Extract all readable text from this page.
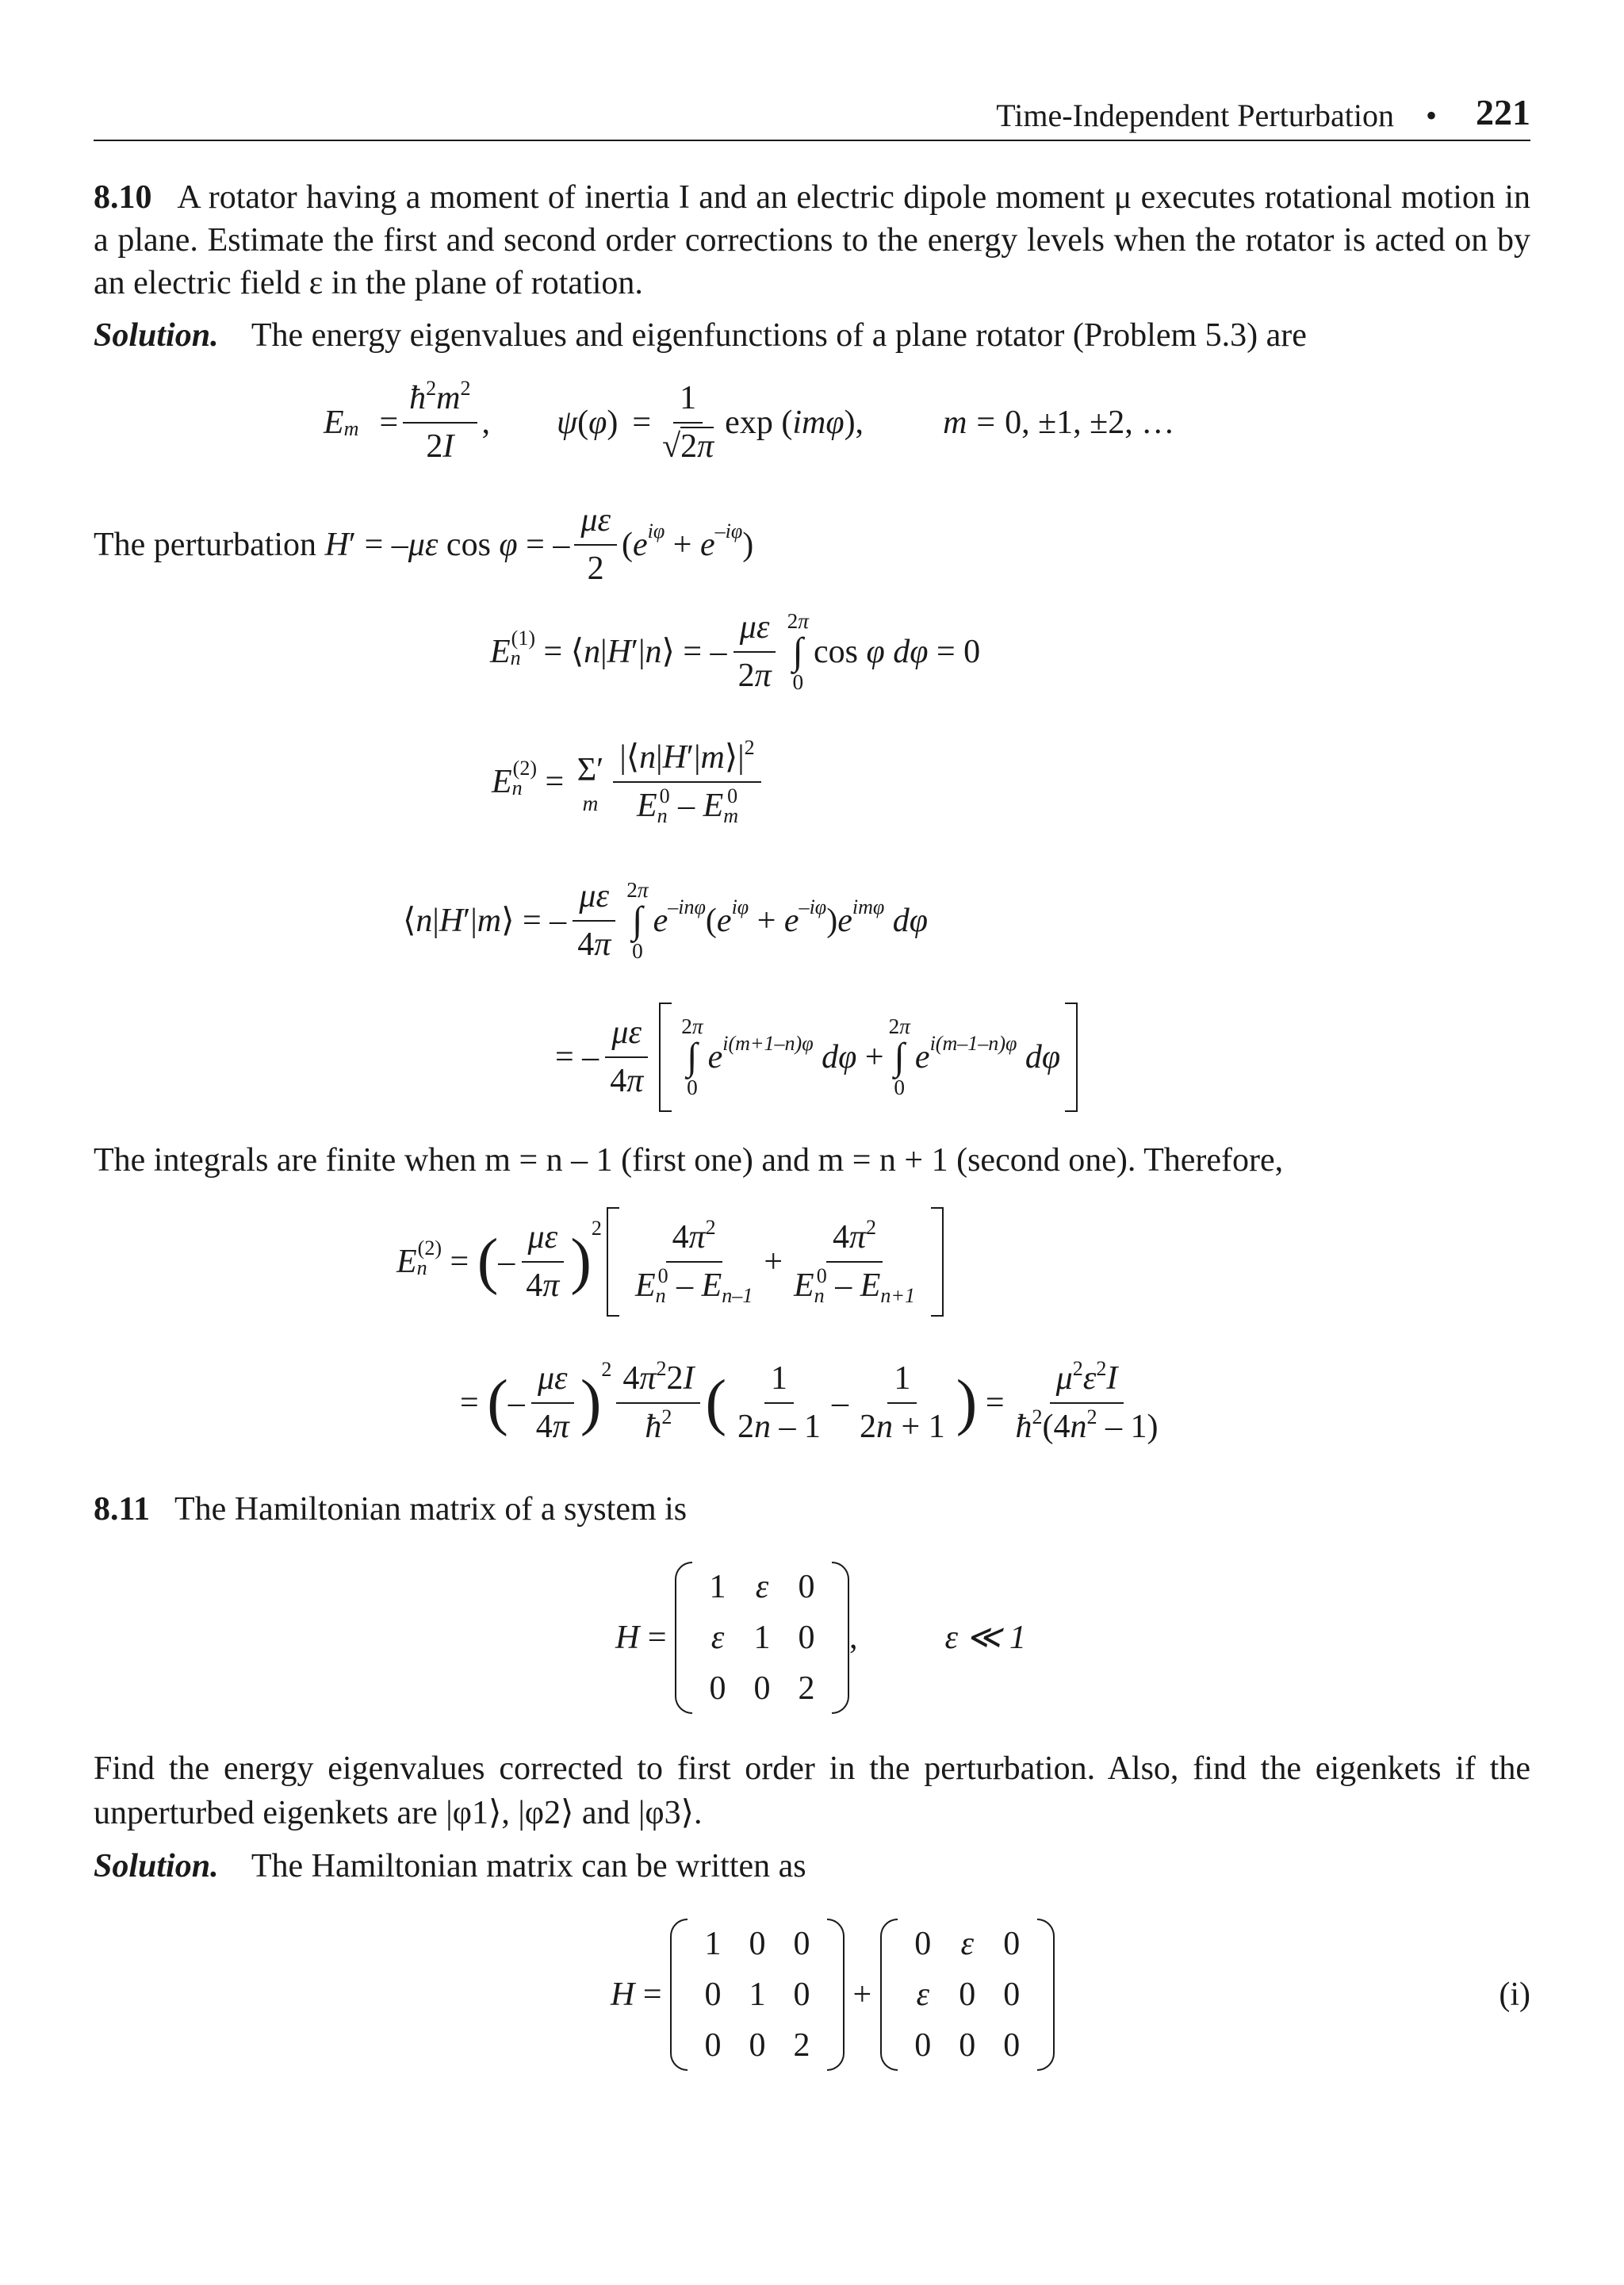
Time-Independent Perturbation • 221
8.10 A rotator having a moment of inertia I and an electric dipole moment μ executes rotational motion in a plane. Estimate the first and second order corrections to the energy levels when the rotator is acted on by an electric field ε in the plane of rotation.
Solution. The energy eigenvalues and eigenfunctions of a plane rotator (Problem 5.3) are
$E_m = \frac{ħ^2m^2}{2I}$ , ψ ( φ ) = $\frac{1}{√2\pi}$ exp ( imφ ), m = 0, ±1, ±2, …
The perturbation
H ′ = – με cos φ = – $\frac{\mu\varepsilon}{2}$ ( $e^{i\varphi} + e^{-i\varphi}$ )
$E_n$
$^{(1)}$ = ⟨ n | H ′| n ⟩ = – $\frac{\mu\varepsilon}{2\pi} 2\pi$
∫
0
cos φ
dφ = 0
$E_n$
$^{(2)}$ = Σ′
m $\frac{|⟨n|H'|m⟩|^2}{E_n^0 - E_m^0}$
⟨ n | H ′| m ⟩ = – $\frac{\mu\varepsilon}{4\pi} 2\pi$
∫
0
$e^{-in\varphi}$ ( $e^{i\varphi} + e^{-i\varphi}$ ) $e^{im\varphi}$
dφ
= – $\frac{\mu\varepsilon}{4\pi} 2\pi$
∫
0
$e^{i(m+1-n)\varphi}$
dφ +
2π
∫
0
$e^{i(m-1-n)\varphi}$
dφ
The integrals are finite when m = n – 1 (first one) and m = n + 1 (second one). Therefore,
$E_n$
$^{(2)}$ = ( – $\frac{\mu\varepsilon}{4\pi} )^2 \frac{4\pi^2}{E_n^0 - E_{n-1}} + \frac{4\pi^2}{E_n^0 - E_{n+1}}$
= ( – $\frac{\mu\varepsilon}{4\pi} )^2 \frac{4\pi^22I}{ħ^2}$ ( $\frac{1}{2n - 1} - \frac{1}{2n + 1}$ ) = $\frac{\mu^2\varepsilon^2I}{ħ^2(4n^2 - 1)}$
8.11 The Hamiltonian matrix of a system is
H =
1 ε 0
ε 1 0
0 0 2
,	ε ≪ 1
Find the energy eigenvalues corrected to first order in the perturbation. Also, find the eigenkets if the unperturbed eigenkets are |φ1⟩, |φ2⟩ and |φ3⟩.
Solution. The Hamiltonian matrix can be written as
H =
1 0 0
0 1 0
0 0 2
+
0 ε 0
ε 0 0
0 0 0
(i)
